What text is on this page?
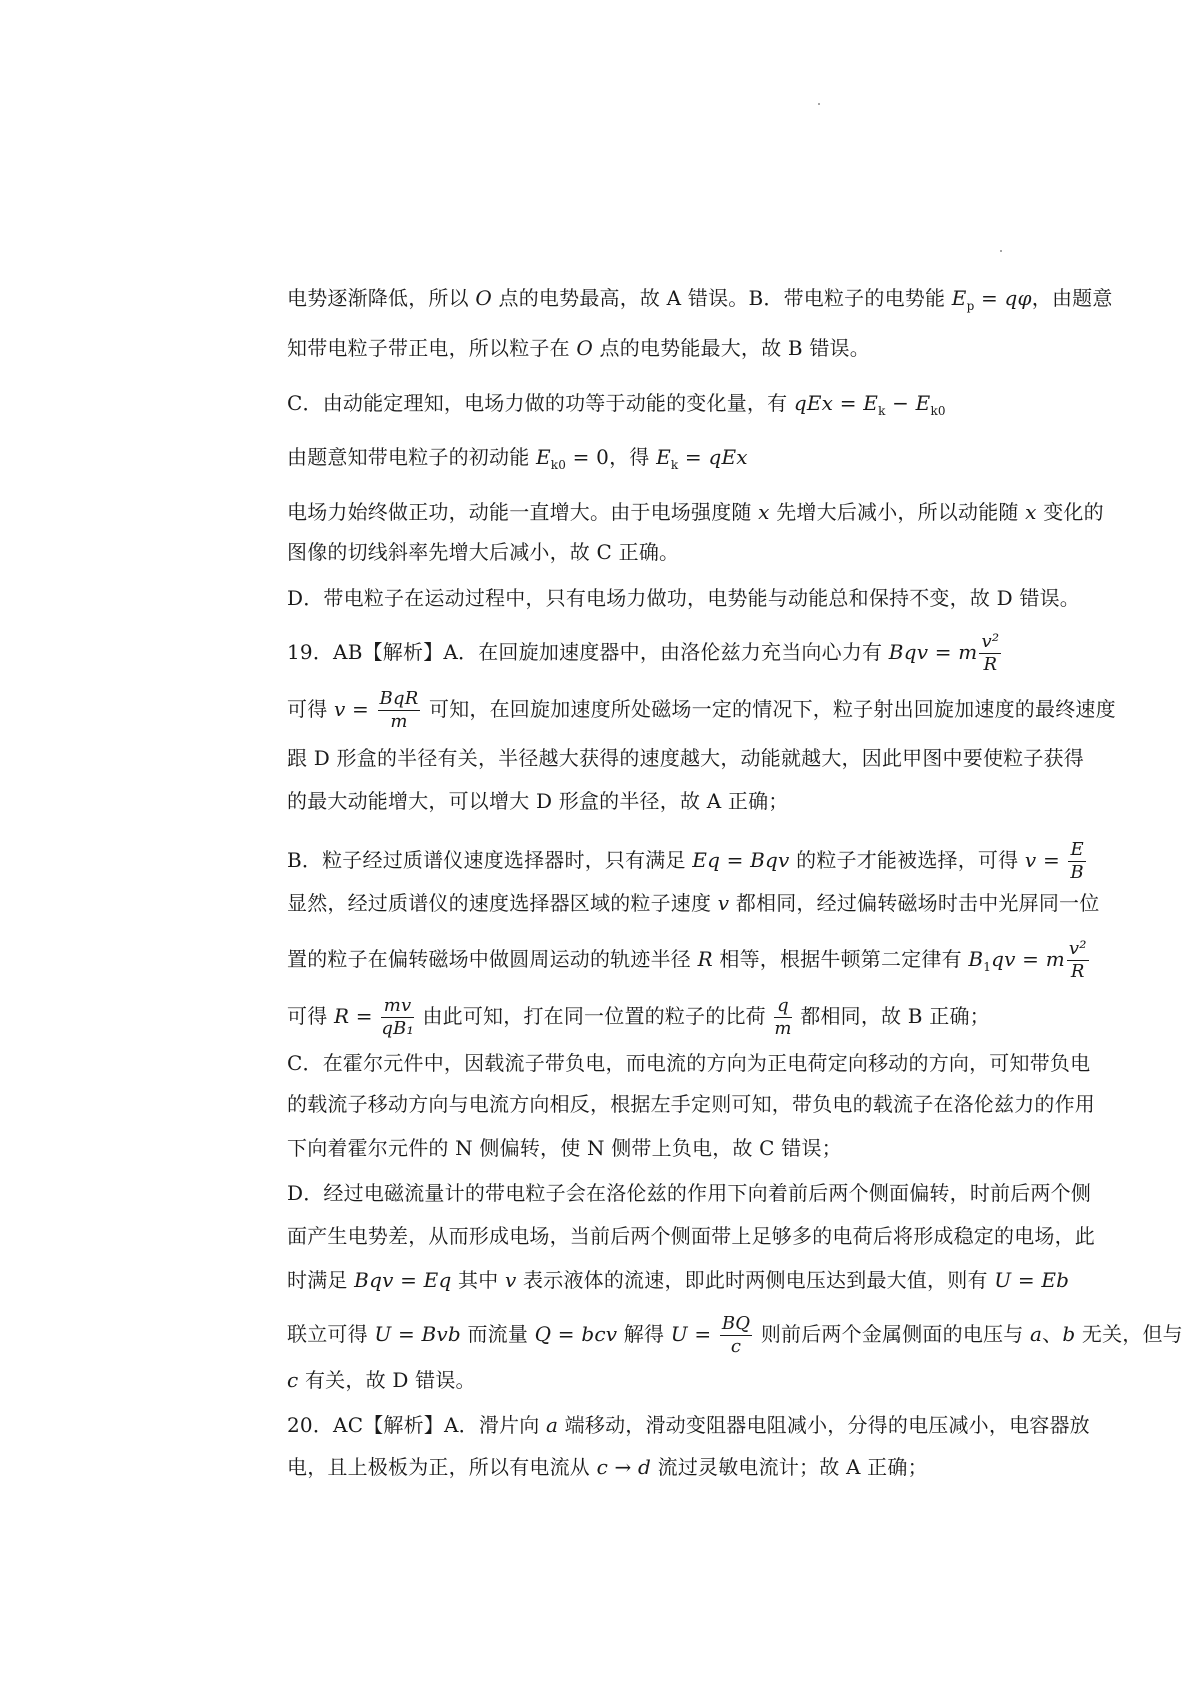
电势逐渐降低，所以 O 点的电势最高，故 A 错误。B．带电粒子的电势能 $E_p = q\varphi$，由题意
知带电粒子带正电，所以粒子在 O 点的电势能最大，故 B 错误。
C．由动能定理知，电场力做的功等于动能的变化量，有 qEx = $E_k - E_{k0}$
由题意知带电粒子的初动能 $E_{k0} = 0$，得 $E_k$ = qEx
电场力始终做正功，动能一直增大。由于电场强度随 x 先增大后减小，所以动能随 x 变化的
图像的切线斜率先增大后减小，故 C 正确。
D．带电粒子在运动过程中，只有电场力做功，电势能与动能总和保持不变，故 D 错误。
19．AB【解析】A．在回旋加速度器中，由洛伦兹力充当向心力有 Bqv = m $\frac{\text{v²}}{R}$
可得 $v = \frac{\text{BqR}}{m}$ 可知，在回旋加速度所处磁场一定的情况下，粒子射出回旋加速度的最终速度
跟 D 形盒的半径有关，半径越大获得的速度越大，动能就越大，因此甲图中要使粒子获得
的最大动能增大，可以增大 D 形盒的半径，故 A 正确；
B．粒子经过质谱仪速度选择器时，只有满足 Eq = Bqv 的粒子才能被选择，可得 $v = \frac{E}{B}$
显然，经过质谱仪的速度选择器区域的粒子速度 v 都相同，经过偏转磁场时击中光屏同一位
置的粒子在偏转磁场中做圆周运动的轨迹半径 R 相等，根据牛顿第二定律有 $B_1qv = m \frac{\text{v²}}{R}$
可得 $R = \frac{mv}{\text{qB₁}}$ 由此可知，打在同一位置的粒子的比荷 $\frac{q}{m}$ 都相同，故 B 正确；
C．在霍尔元件中，因载流子带负电，而电流的方向为正电荷定向移动的方向，可知带负电
的载流子移动方向与电流方向相反，根据左手定则可知，带负电的载流子在洛伦兹力的作用
下向着霍尔元件的 N 侧偏转，使 N 侧带上负电，故 C 错误；
D．经过电磁流量计的带电粒子会在洛伦兹的作用下向着前后两个侧面偏转，时前后两个侧
面产生电势差，从而形成电场，当前后两个侧面带上足够多的电荷后将形成稳定的电场，此
时满足 Bqv = Eq 其中 v 表示液体的流速，即此时两侧电压达到最大值，则有 U = Eb
联立可得 U = Bvb 而流量 Q = bcv 解得 $U = \frac{BQ}{c}$ 则前后两个金属侧面的电压与 a、b 无关，但与
c 有关，故 D 错误。
20．AC【解析】A．滑片向 a 端移动，滑动变阻器电阻减小，分得的电压减小，电容器放
电，且上极板为正，所以有电流从 c → d 流过灵敏电流计；故 A 正确；
